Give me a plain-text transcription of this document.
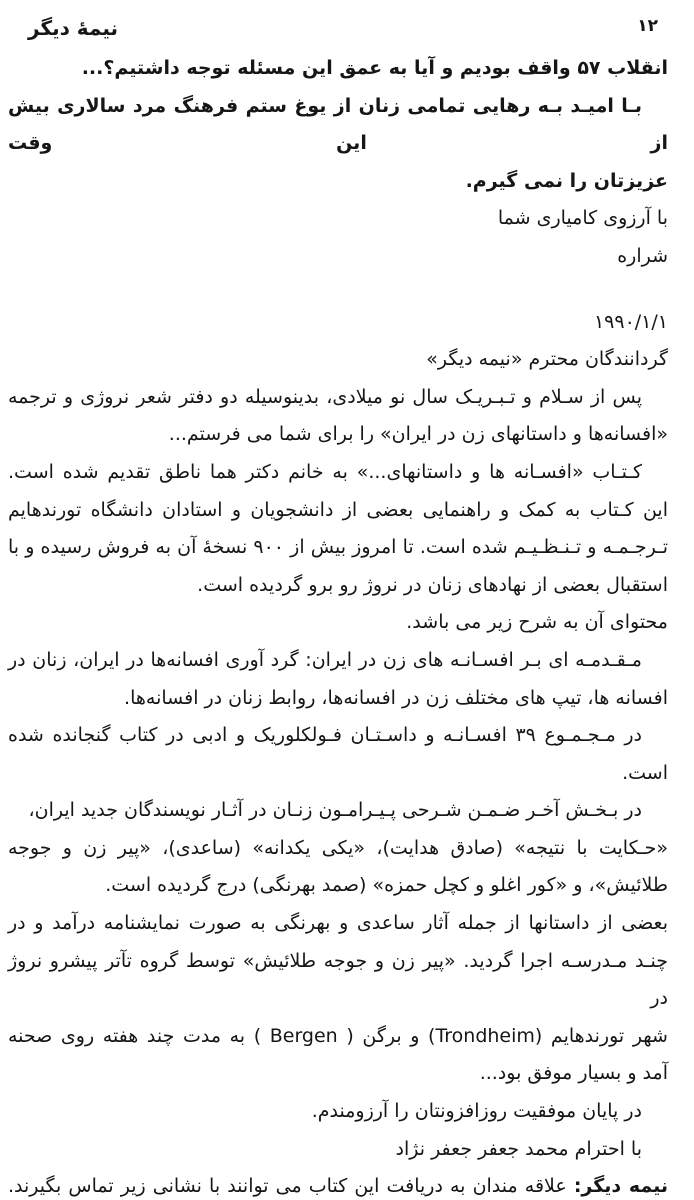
۱۲
نیمهٔ دیگر

انقلاب ۵۷ واقف بودیم و آیا به عمق این مسئله توجه داشتیم؟...

بـا امیـد بـه رهایی تمامی زنان از یوغ ستم فرهنگ مرد سالاری بیش از این وقت

عزیزتان را نمی گیرم.

با آرزوی کامیاری شما

شراره

۱۹۹۰/۱/۱

گردانندگان محترم «نیمه دیگر»

پس از سـلام و تـبـریـک سال نو میلادی، بدینوسیله دو دفتر شعر نروژی و ترجمه

«افسانه‌ها و داستانهای زن در ایران» را برای شما می فرستم...

کـتـاب «افسـانه ها و داستانهای...» به خانم دکتر هما ناطق تقدیم شده است.

این کـتاب به کمک و راهنمایی بعضی از دانشجویان و استادان دانشگاه تورندهایم

تـرجـمـه و تـنـظـیـم شده است. تا امروز بیش از ۹۰۰ نسخهٔ آن به فروش رسیده و با

استقبال بعضی از نهادهای زنان در نروژ رو برو گردیده است.

محتوای آن به شرح زیر می باشد.

مـقـدمـه ای بـر افسـانـه های زن در ایران: گرد آوری افسانه‌ها در ایران، زنان در

افسانه ها، تیپ های مختلف زن در افسانه‌ها، روابط زنان در افسانه‌ها.

در مـجـمـوع ۳۹ افسـانـه و داسـتـان فـولکلوریک و ادبی در کتاب گنجانده شده

است.

در بـخـش آخـر ضـمـن شـرحی پـیـرامـون زنـان در آثـار نویسندگان جدید ایران،

«حـکایت با نتیجه» (صادق هدایت)، «یکی یکدانه» (ساعدی)، «پیر زن و جوجه

طلائیش»، و «کور اغلو و کچل حمزه» (صمد بهرنگی) درج گردیده است.

بعضی از داستانها از جمله آثار ساعدی و بهرنگی به صورت نمایشنامه درآمد و در

چنـد مـدرسـه اجرا گردید. «پیر زن و جوجه طلائیش» توسط گروه تآتر پیشرو نروژ در

شهر تورندهایم (Trondheim) و برگن ( Bergen ) به مدت چند هفته روی صحنه

آمد و بسیار موفق بود...

در پایان موفقیت روزافزونتان را آرزومندم.

با احترام محمد جعفر جعفر نژاد

نیمه دیگر: علاقه مندان به دریافت این کتاب می توانند با نشانی زیر تماس بگیرند.
